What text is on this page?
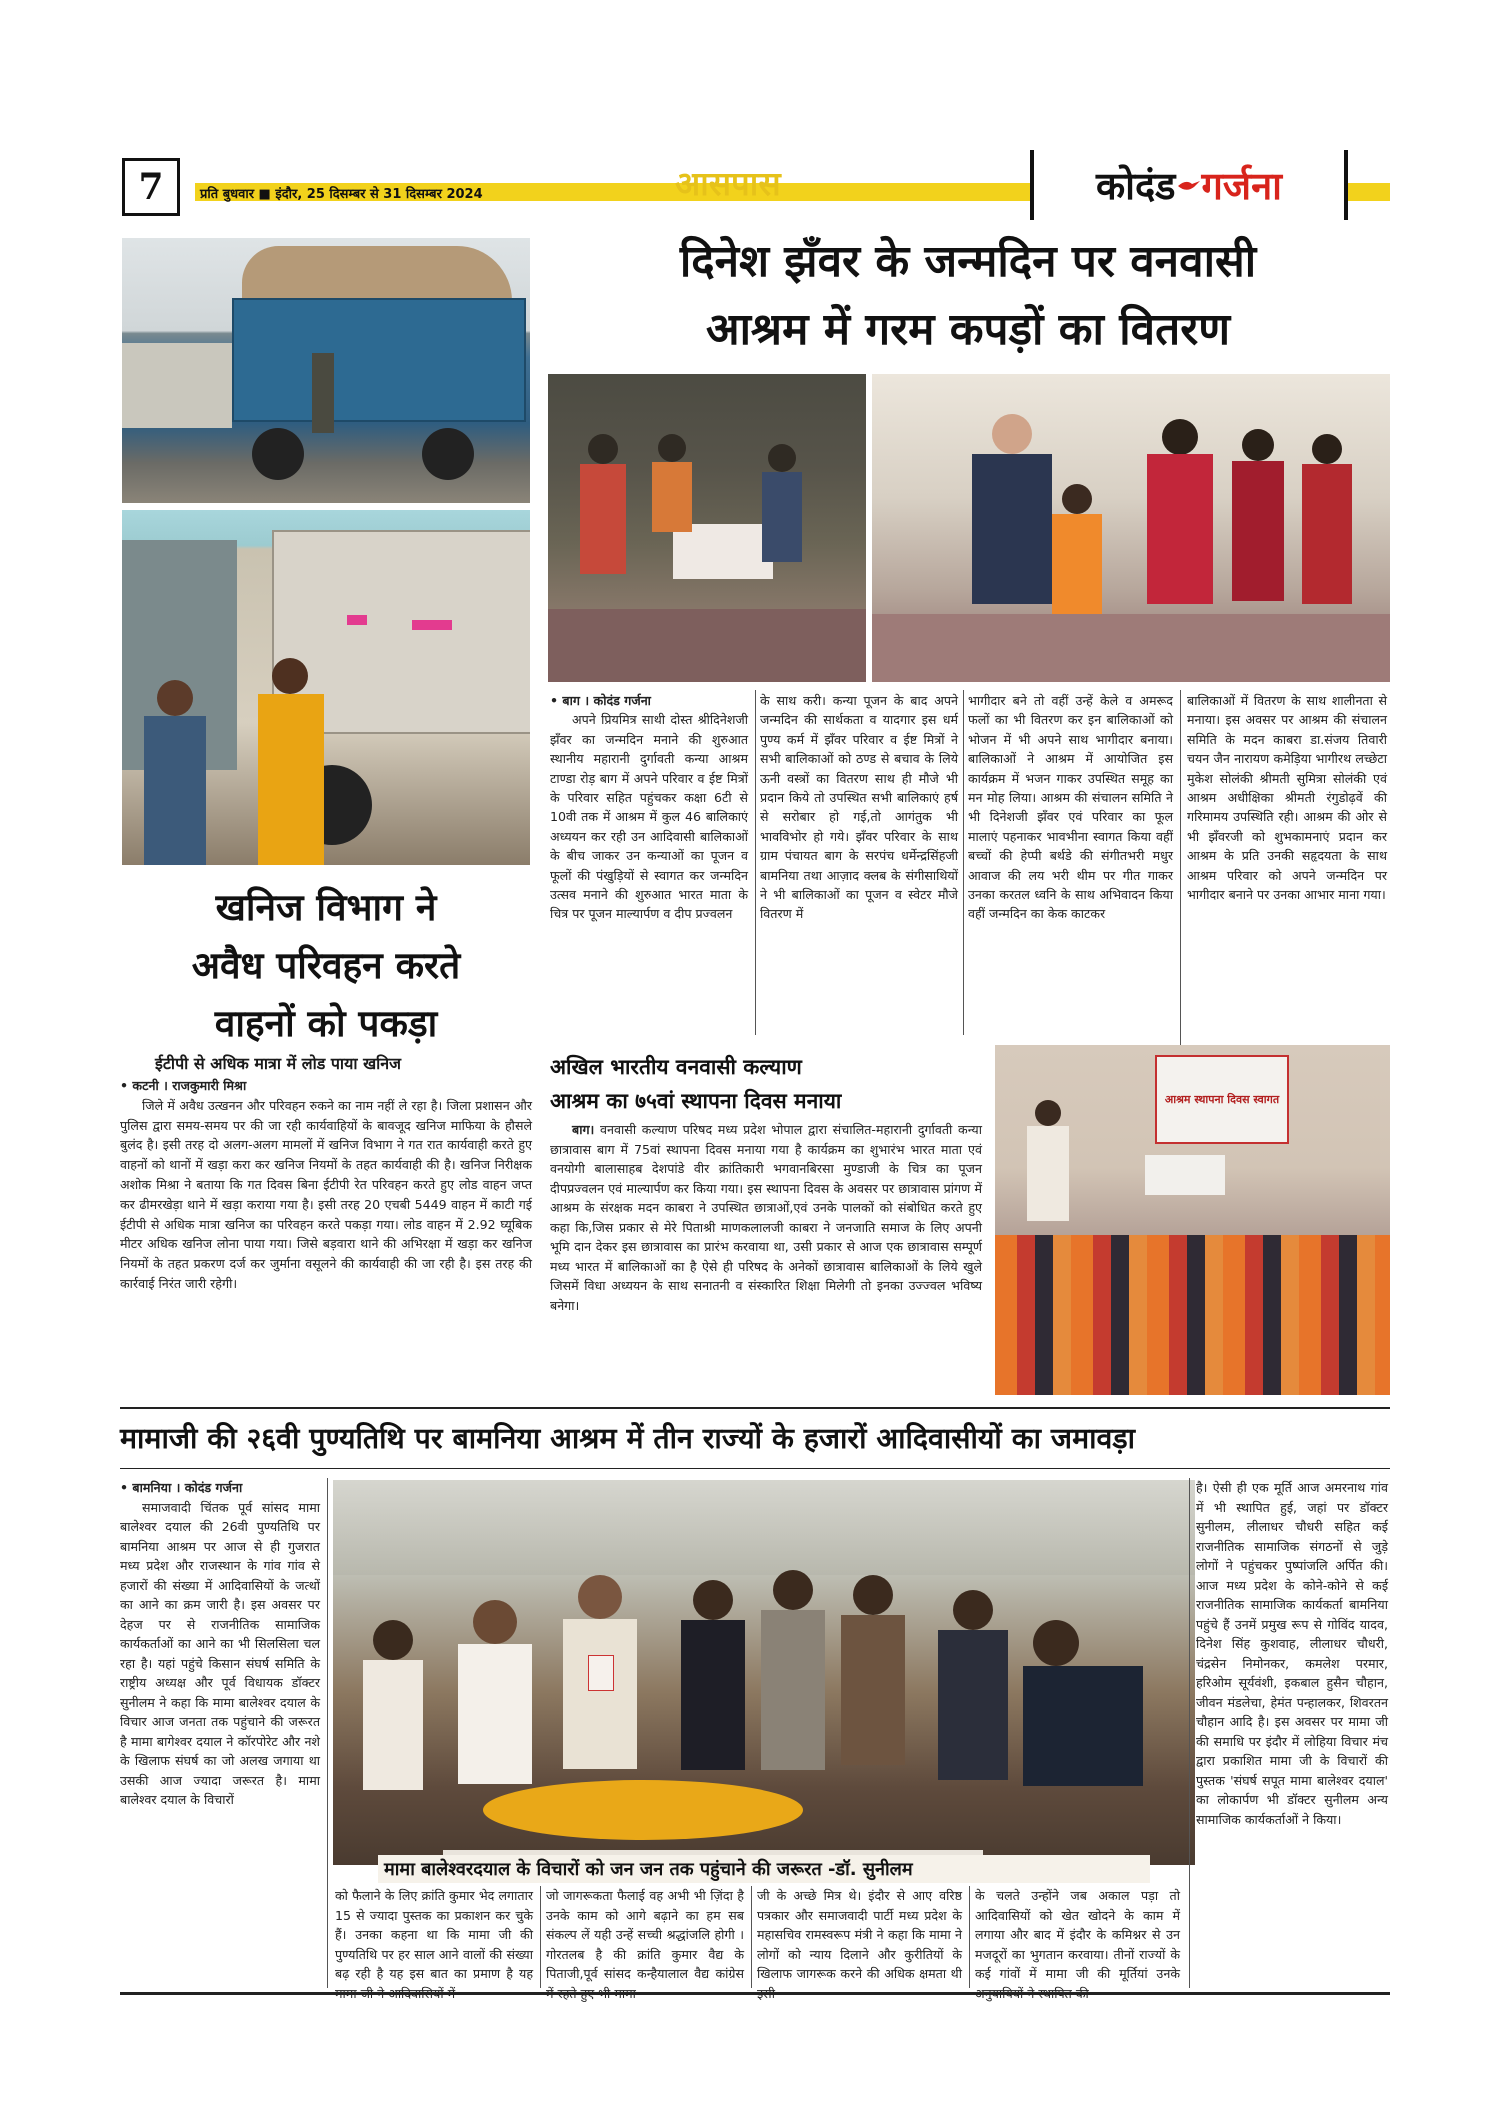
7	प्रति बुधवार ■ इंदौर, 25 दिसम्बर से 31 दिसम्बर 2024	आसपास	कोदंड गर्जना
खनिज विभाग ने
अवैध परिवहन करते
वाहनों को पकड़ा
ईटीपी से अधिक मात्रा में लोड पाया खनिज
• कटनी । राजकुमारी मिश्रा

जिले में अवैध उत्खनन और परिवहन रुकने का नाम नहीं ले रहा है। जिला प्रशासन और पुलिस द्वारा समय-समय पर की जा रही कार्यवाहियों के बावजूद खनिज माफिया के हौसले बुलंद है। इसी तरह दो अलग-अलग मामलों में खनिज विभाग ने गत रात कार्यवाही करते हुए वाहनों को थानों में खड़ा करा कर खनिज नियमों के तहत कार्यवाही की है। खनिज निरीक्षक अशोक मिश्रा ने बताया कि गत दिवस बिना ईटीपी रेत परिवहन करते हुए लोड वाहन जप्त कर ढीमरखेड़ा थाने में खड़ा कराया गया है। इसी तरह 20 एचबी 5449 वाहन में काटी गई ईटीपी से अधिक मात्रा खनिज का परिवहन करते पकड़ा गया। लोड वाहन में 2.92 घ्यूबिक मीटर अधिक खनिज लोना पाया गया। जिसे बड़वारा थाने की अभिरक्षा में खड़ा कर खनिज नियमों के तहत प्रकरण दर्ज कर जुर्माना वसूलने की कार्यवाही की जा रही है। इस तरह की कार्रवाई निरंत जारी रहेगी।

दिनेश झँवर के जन्मदिन पर वनवासी
आश्रम में गरम कपड़ों का वितरण
• बाग । कोदंड गर्जना

अपने प्रियमित्र साथी दोस्त श्रीदिनेशजी झँवर का जन्मदिन मनाने की शुरुआत स्थानीय महारानी दुर्गावती कन्या आश्रम टाण्डा रोड़ बाग में अपने परिवार व ईष्ट मित्रों के परिवार सहित पहुंचकर कक्षा 6टी से 10वी तक में आश्रम में कुल 46 बालिकाएं अध्ययन कर रही उन आदिवासी बालिकाओं के बीच जाकर उन कन्याओं का पूजन व फूलों की पंखुड़ियों से स्वागत कर जन्मदिन उत्सव मनाने की शुरुआत भारत माता के चित्र पर पूजन माल्यार्पण व दीप प्रज्वलन

के साथ करी। कन्या पूजन के बाद अपने जन्मदिन की सार्थकता व यादगार इस धर्म पुण्य कर्म में झँवर परिवार व ईष्ट मित्रों ने सभी बालिकाओं को ठण्ड से बचाव के लिये ऊनी वस्त्रों का वितरण साथ ही मौजे भी प्रदान किये तो उपस्थित सभी बालिकाएं हर्ष से सरोबार हो गई,तो आगंतुक भी भावविभोर हो गये। झँवर परिवार के साथ ग्राम पंचायत बाग के सरपंच धर्मेन्द्रसिंहजी बामनिया तथा आज़ाद क्लब के संगीसाथियों ने भी बालिकाओं का पूजन व स्वेटर मौजे वितरण में

भागीदार बने तो वहीं उन्हें केले व अमरूद फलों का भी वितरण कर इन बालिकाओं को भोजन में भी अपने साथ भागीदार बनाया। बालिकाओं ने आश्रम में आयोजित इस कार्यक्रम में भजन गाकर उपस्थित समूह का मन मोह लिया। आश्रम की संचालन समिति ने भी दिनेशजी झँवर एवं परिवार का फूल मालाएं पहनाकर भावभीना स्वागत किया वहीं बच्चों की हेप्पी बर्थडे की संगीतभरी मधुर आवाज की लय भरी थीम पर गीत गाकर उनका करतल ध्वनि के साथ अभिवादन किया वहीं जन्मदिन का केक काटकर

बालिकाओं में वितरण के साथ शालीनता से मनाया। इस अवसर पर आश्रम की संचालन समिति के मदन काबरा डा.संजय तिवारी चयन जैन नारायण कमेड़िया भागीरथ लच्छेटा मुकेश सोलंकी श्रीमती सुमित्रा सोलंकी एवं आश्रम अधीक्षिका श्रीमती रंगुडोढ़वें की गरिमामय उपस्थिति रही। आश्रम की ओर से भी झँवरजी को शुभकामनाएं प्रदान कर आश्रम के प्रति उनकी सहृदयता के साथ आश्रम परिवार को अपने जन्मदिन पर भागीदार बनाने पर उनका आभार माना गया।

अखिल भारतीय वनवासी कल्याण
आश्रम का ७५वां स्थापना दिवस मनाया

बाग। वनवासी कल्याण परिषद मध्य प्रदेश भोपाल द्वारा संचालित-महारानी दुर्गावती कन्या छात्रावास बाग में 75वां स्थापना दिवस मनाया गया है कार्यक्रम का शुभारंभ भारत माता एवं वनयोगी बालासाहब देशपांडे वीर क्रांतिकारी भगवानबिरसा मुण्डाजी के चित्र का पूजन दीपप्रज्वलन एवं माल्यार्पण कर किया गया। इस स्थापना दिवस के अवसर पर छात्रावास प्रांगण में आश्रम के संरक्षक मदन काबरा ने उपस्थित छात्राओं,एवं उनके पालकों को संबोधित करते हुए कहा कि,जिस प्रकार से मेरे पिताश्री माणकलालजी काबरा ने जनजाति समाज के लिए अपनी भूमि दान देकर इस छात्रावास का प्रारंभ करवाया था, उसी प्रकार से आज एक छात्रावास सम्पूर्ण मध्य भारत में बालिकाओं का है ऐसे ही परिषद के अनेकों छात्रावास बालिकाओं के लिये खुले जिसमें विधा अध्ययन के साथ सनातनी व संस्कारित शिक्षा मिलेगी तो इनका उज्ज्वल भविष्य बनेगा।

आश्रम स्थापना दिवस स्वागत
मामाजी की २६वी पुण्यतिथि पर बामनिया आश्रम में तीन राज्यों के हजारों आदिवासीयों का जमावड़ा
• बामनिया । कोदंड गर्जना

समाजवादी चिंतक पूर्व सांसद मामा बालेश्वर दयाल की 26वी पुण्यतिथि पर बामनिया आश्रम पर आज से ही गुजरात मध्य प्रदेश और राजस्थान के गांव गांव से हजारों की संख्या में आदिवासियों के जत्थों का आने का क्रम जारी है। इस अवसर पर देहज पर से राजनीतिक सामाजिक कार्यकर्ताओं का आने का भी सिलसिला चल रहा है। यहां पहुंचे किसान संघर्ष समिति के राष्ट्रीय अध्यक्ष और पूर्व विधायक डॉक्टर सुनीलम ने कहा कि मामा बालेश्वर दयाल के विचार आज जनता तक पहुंचाने की जरूरत है मामा बागेश्वर दयाल ने कॉरपोरेट और नशे के खिलाफ संघर्ष का जो अलख जगाया था उसकी आज ज्यादा जरूरत है। मामा बालेश्वर दयाल के विचारों

मामा बालेश्वरदयाल के विचारों को जन जन तक पहुंचाने की जरूरत -डॉ. सुनीलम

को फैलाने के लिए क्रांति कुमार भेद लगातार 15 से ज्यादा पुस्तक का प्रकाशन कर चुके हैं। उनका कहना था कि मामा जी की पुण्यतिथि पर हर साल आने वालों की संख्या बढ़ रही है यह इस बात का प्रमाण है यह

जो जागरूकता फैलाई वह अभी भी ज़िंदा है उनके काम को आगे बढ़ाने का हम सब संकल्प लें यही उन्हें सच्ची श्रद्धांजलि होगी । गोरतलब है की क्रांति कुमार वैद्य के पिताजी,पूर्व सांसद कन्हैयालाल वैद्य कांग्रेस

जी के अच्छे मित्र थे। इंदौर से आए वरिष्ठ पत्रकार और समाजवादी पार्टी मध्य प्रदेश के महासचिव रामस्वरूप मंत्री ने कहा कि मामा ने लोगों को न्याय दिलाने और कुरीतियों के खिलाफ जागरूक करने की अधिक क्षमता थी

के चलते उन्होंने जब अकाल पड़ा तो आदिवासियों को खेत खोदने के काम में लगाया और बाद में इंदौर के कमिश्नर से उन मजदूरों का भुगतान करवाया। तीनों राज्यों के कई गांवों में मामा जी की मूर्तियां उनके

है। ऐसी ही एक मूर्ति आज अमरनाथ गांव में भी स्थापित हुई, जहां पर डॉक्टर सुनीलम, लीलाधर चौधरी सहित कई राजनीतिक सामाजिक संगठनों से जुड़े लोगों ने पहुंचकर पुष्पांजलि अर्पित की। आज मध्य प्रदेश के कोने-कोने से कई राजनीतिक सामाजिक कार्यकर्ता बामनिया पहुंचे हैं उनमें प्रमुख रूप से गोविंद यादव, दिनेश सिंह कुशवाह, लीलाधर चौधरी, चंद्रसेन निमोनकर, कमलेश परमार, हरिओम सूर्यवंशी, इकबाल हुसैन चौहान, जीवन मंडलेचा, हेमंत पन्हालकर, शिवरतन चौहान आदि है। इस अवसर पर मामा जी की समाधि पर इंदौर में लोहिया विचार मंच द्वारा प्रकाशित मामा जी के विचारों की पुस्तक 'संघर्ष सपूत मामा बालेश्वर दयाल' का लोकार्पण भी डॉक्टर सुनीलम अन्य सामाजिक कार्यकर्ताओं ने किया।
